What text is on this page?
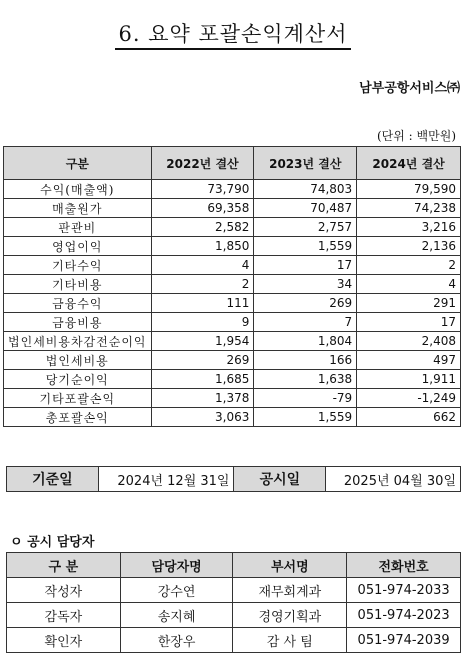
6. 요약 포괄손익계산서
남부공항서비스㈜
(단위 : 백만원)
구분	2022년 결산	2023년 결산	2024년 결산
수익(매출액)	73,790	74,803	79,590
매출원가	69,358	70,487	74,238
판관비	2,582	2,757	3,216
영업이익	1,850	1,559	2,136
기타수익	4	17	2
기타비용	2	34	4
금융수익	111	269	291
금융비용	9	7	17
법인세비용차감전순이익	1,954	1,804	2,408
법인세비용	269	166	497
당기순이익	1,685	1,638	1,911
기타포괄손익	1,378	-79	-1,249
총포괄손익	3,063	1,559	662
기준일	2024년 12월 31일	공시일	2025년 04월 30일
ㅇ 공시 담당자
구 분	담당자명	부서명	전화번호
작성자	강수연	재무회계과	051-974-2033
감독자	송지혜	경영기획과	051-974-2023
확인자	한장우	감 사 팀	051-974-2039
